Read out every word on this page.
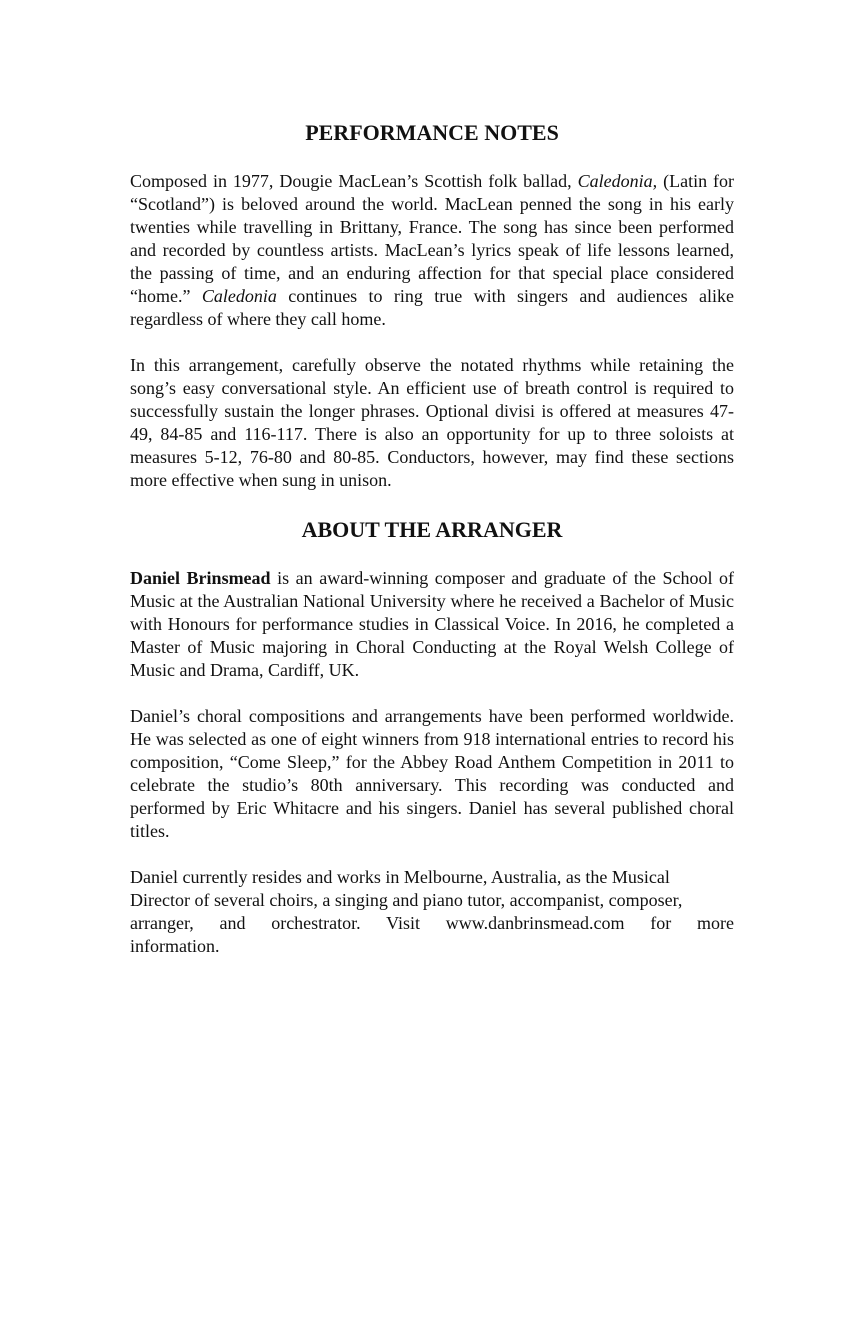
PERFORMANCE NOTES

Composed in 1977, Dougie MacLean’s Scottish folk ballad, Caledonia, (Latin for “Scotland”) is beloved around the world. MacLean penned the song in his early twenties while travelling in Brittany, France. The song has since been performed and recorded by countless artists. MacLean’s lyrics speak of life lessons learned, the passing of time, and an enduring affection for that special place considered “home.” Caledonia continues to ring true with singers and audiences alike regardless of where they call home.

In this arrangement, carefully observe the notated rhythms while retaining the song’s easy conversational style. An efficient use of breath control is required to successfully sustain the longer phrases. Optional divisi is offered at measures 47-49, 84-85 and 116-117. There is also an opportunity for up to three soloists at measures 5-12, 76-80 and 80-85. Conductors, however, may find these sections more effective when sung in unison.

ABOUT THE ARRANGER

Daniel Brinsmead is an award-winning composer and graduate of the School of Music at the Australian National University where he received a Bachelor of Music with Honours for performance studies in Classical Voice. In 2016, he completed a Master of Music majoring in Choral Conducting at the Royal Welsh College of Music and Drama, Cardiff, UK.

Daniel’s choral compositions and arrangements have been performed worldwide. He was selected as one of eight winners from 918 international entries to record his composition, “Come Sleep,” for the Abbey Road Anthem Competition in 2011 to celebrate the studio’s 80th anniversary. This recording was conducted and performed by Eric Whitacre and his singers. Daniel has several published choral titles.

Daniel currently resides and works in Melbourne, Australia, as the Musical Director of several choirs, a singing and piano tutor, accompanist, composer, arranger, and orchestrator. Visit www.danbrinsmead.com for more
information.
